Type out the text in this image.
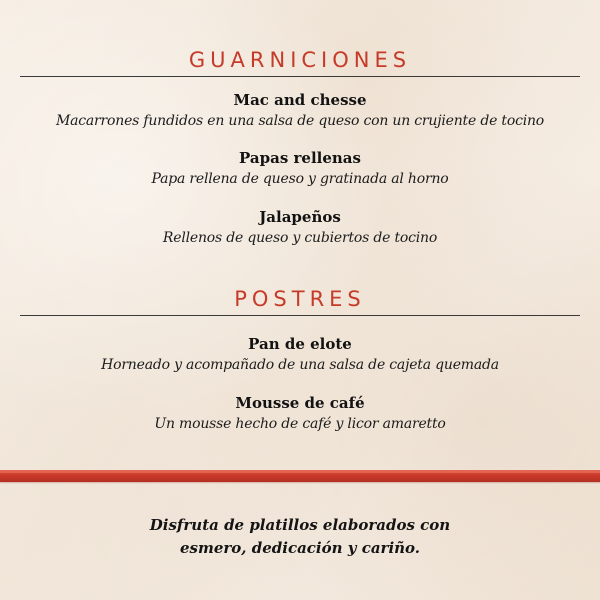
GUARNICIONES
Mac and chesse
Macarrones fundidos en una salsa de queso con un crujiente de tocino
Papas rellenas
Papa rellena de queso y gratinada al horno
Jalapeños
Rellenos de queso y cubiertos de tocino
POSTRES
Pan de elote
Horneado y acompañado de una salsa de cajeta quemada
Mousse de café
Un mousse hecho de café y licor amaretto
Disfruta de platillos elaborados con
esmero, dedicación y cariño.
